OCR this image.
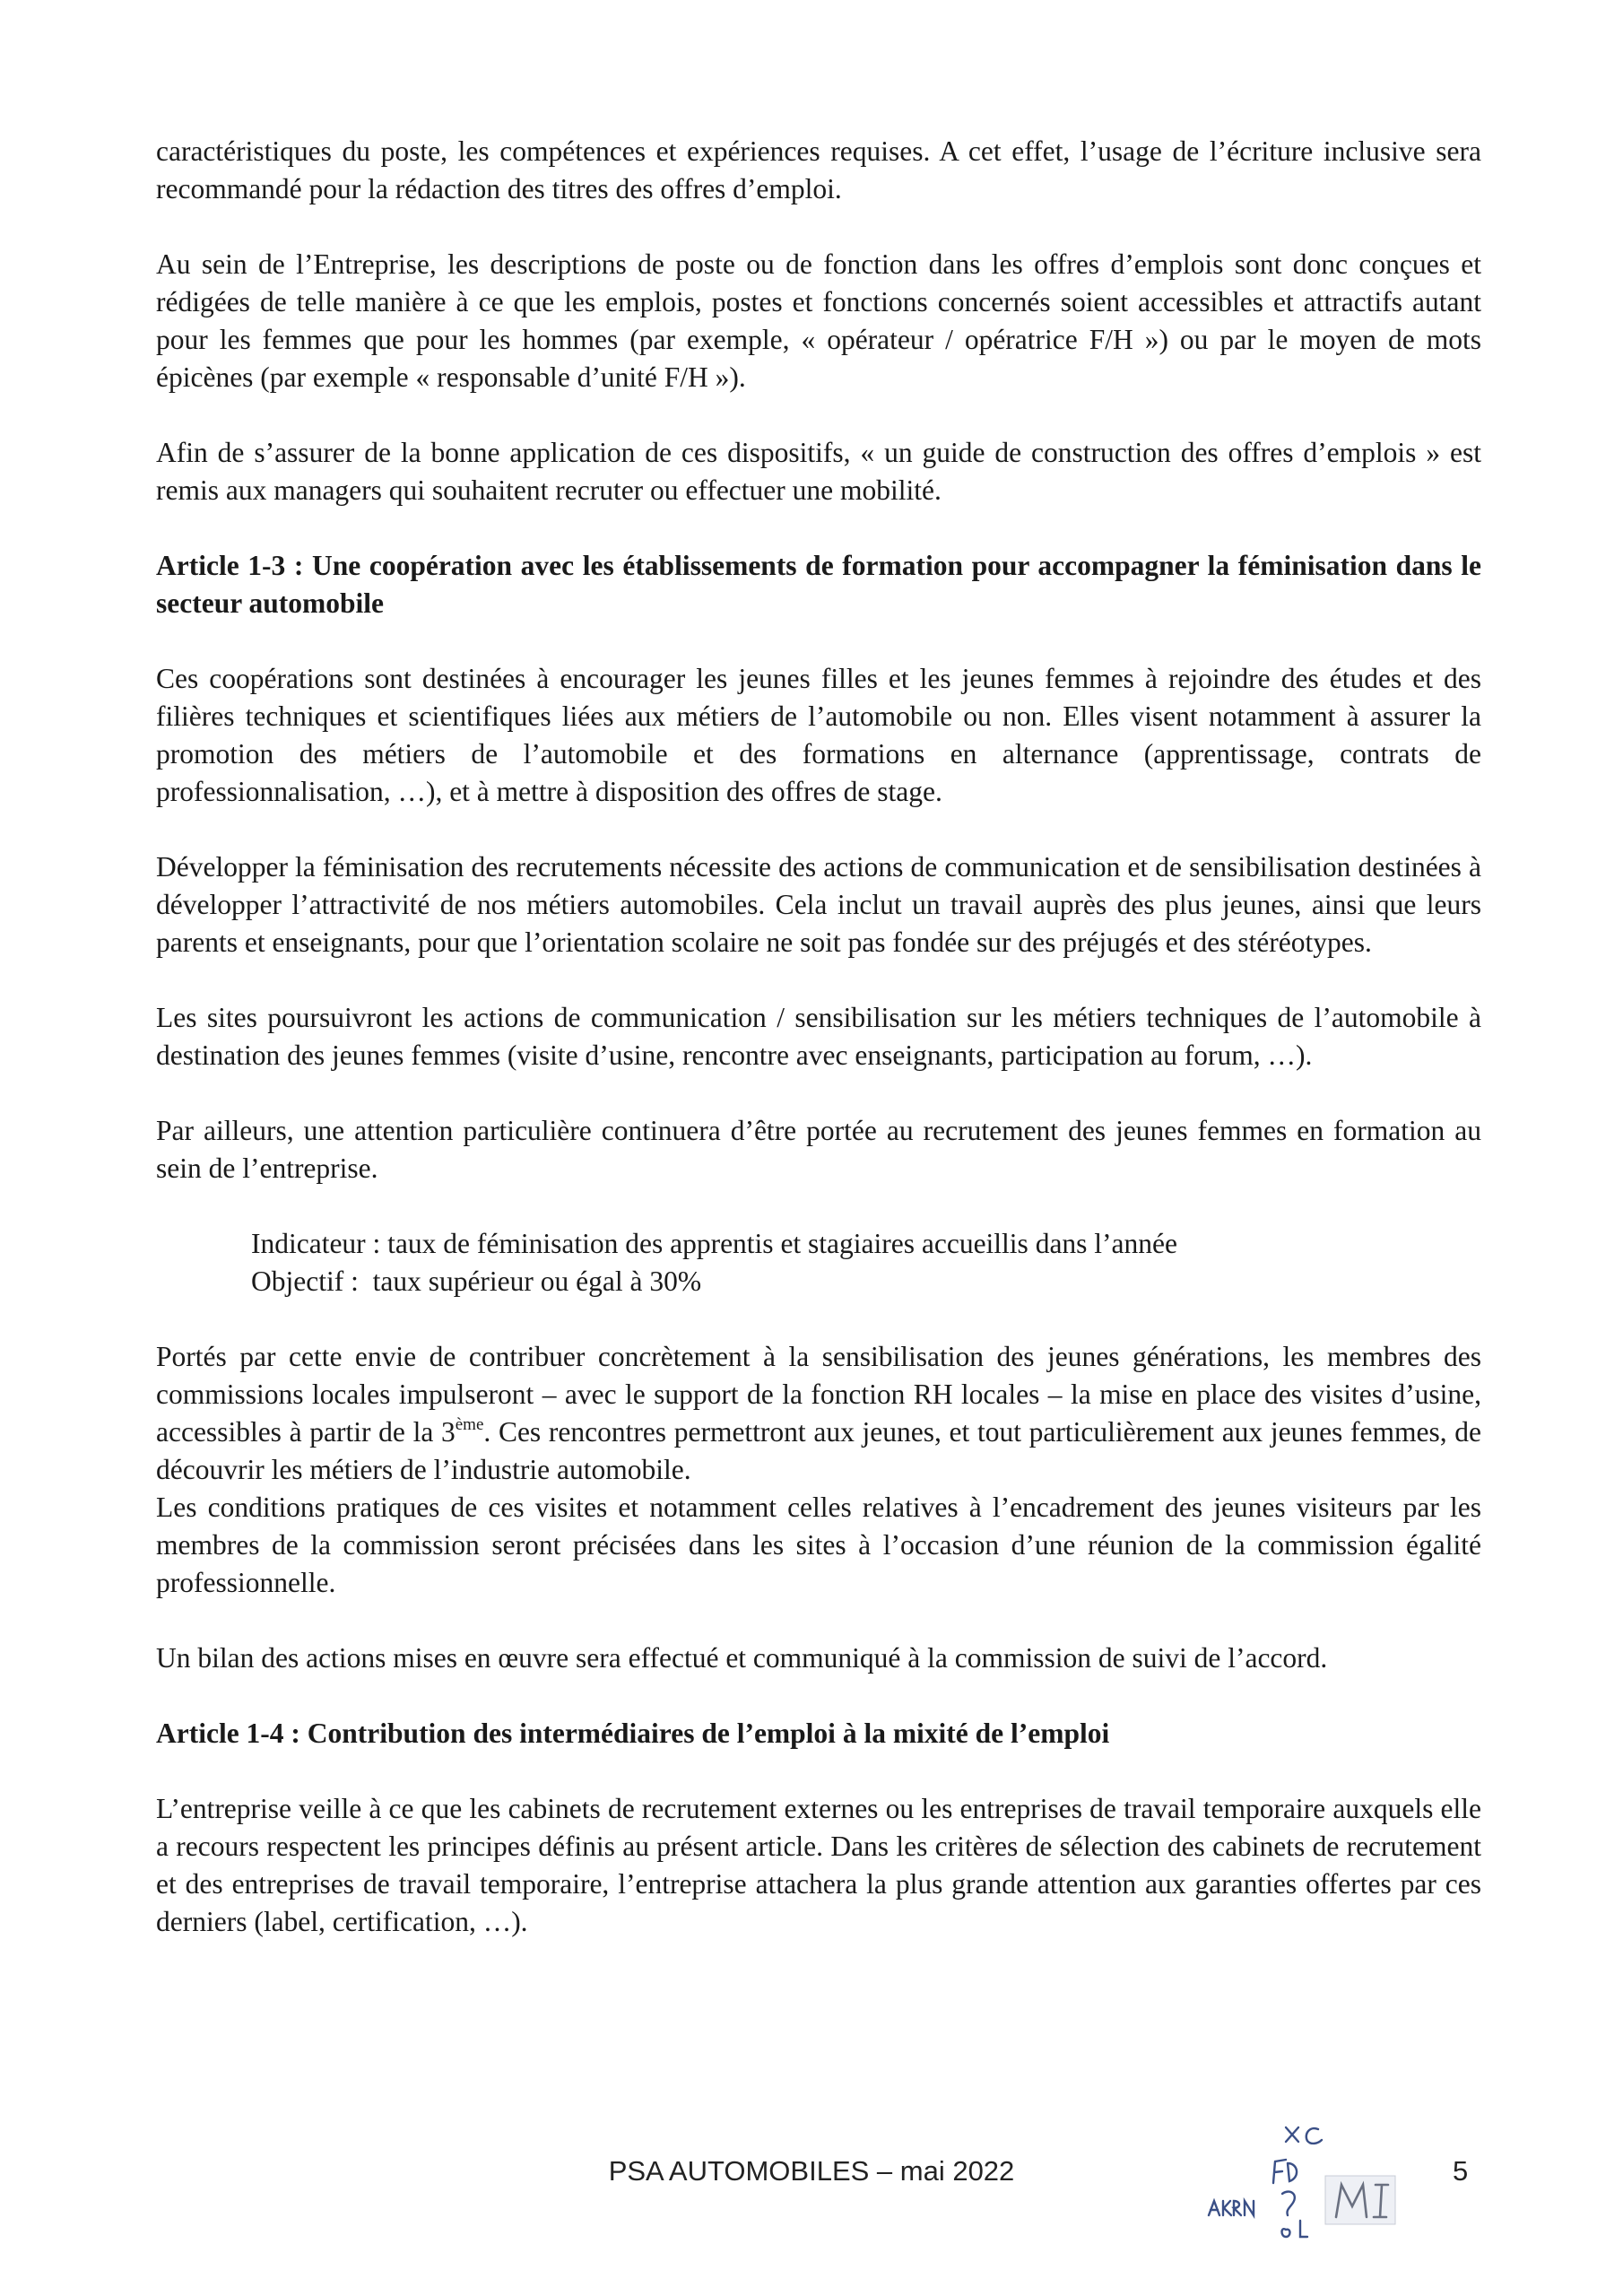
caractéristiques du poste, les compétences et expériences requises. A cet effet, l’usage de l’écriture inclusive sera recommandé pour la rédaction des titres des offres d’emploi.

Au sein de l’Entreprise, les descriptions de poste ou de fonction dans les offres d’emplois sont donc conçues et rédigées de telle manière à ce que les emplois, postes et fonctions concernés soient accessibles et attractifs autant pour les femmes que pour les hommes (par exemple, « opérateur / opératrice F/H ») ou par le moyen de mots épicènes (par exemple « responsable d’unité F/H »).

Afin de s’assurer de la bonne application de ces dispositifs, « un guide de construction des offres d’emplois » est remis aux managers qui souhaitent recruter ou effectuer une mobilité.

Article 1-3 : Une coopération avec les établissements de formation pour accompagner la féminisation dans le secteur automobile

Ces coopérations sont destinées à encourager les jeunes filles et les jeunes femmes à rejoindre des études et des filières techniques et scientifiques liées aux métiers de l’automobile ou non. Elles visent notamment à assurer la promotion des métiers de l’automobile et des formations en alternance (apprentissage, contrats de professionnalisation, …), et à mettre à disposition des offres de stage.

Développer la féminisation des recrutements nécessite des actions de communication et de sensibilisation destinées à développer l’attractivité de nos métiers automobiles. Cela inclut un travail auprès des plus jeunes, ainsi que leurs parents et enseignants, pour que l’orientation scolaire ne soit pas fondée sur des préjugés et des stéréotypes.

Les sites poursuivront les actions de communication / sensibilisation sur les métiers techniques de l’automobile à destination des jeunes femmes (visite d’usine, rencontre avec enseignants, participation au forum, …).

Par ailleurs, une attention particulière continuera d’être portée au recrutement des jeunes femmes en formation au sein de l’entreprise.

Indicateur : taux de féminisation des apprentis et stagiaires accueillis dans l’année
Objectif :  taux supérieur ou égal à 30%

Portés par cette envie de contribuer concrètement à la sensibilisation des jeunes générations, les membres des commissions locales impulseront – avec le support de la fonction RH locales – la mise en place des visites d’usine, accessibles à partir de la 3ème. Ces rencontres permettront aux jeunes, et tout particulièrement aux jeunes femmes, de découvrir les métiers de l’industrie automobile.

Les conditions pratiques de ces visites et notamment celles relatives à l’encadrement des jeunes visiteurs par les membres de la commission seront précisées dans les sites à l’occasion d’une réunion de la commission égalité professionnelle.

Un bilan des actions mises en œuvre sera effectué et communiqué à la commission de suivi de l’accord.

Article 1-4 : Contribution des intermédiaires de l’emploi à la mixité de l’emploi

L’entreprise veille à ce que les cabinets de recrutement externes ou les entreprises de travail temporaire auxquels elle a recours respectent les principes définis au présent article. Dans les critères de sélection des cabinets de recrutement et des entreprises de travail temporaire, l’entreprise attachera la plus grande attention aux garanties offertes par ces derniers (label, certification, …).

PSA AUTOMOBILES – mai 2022	5
